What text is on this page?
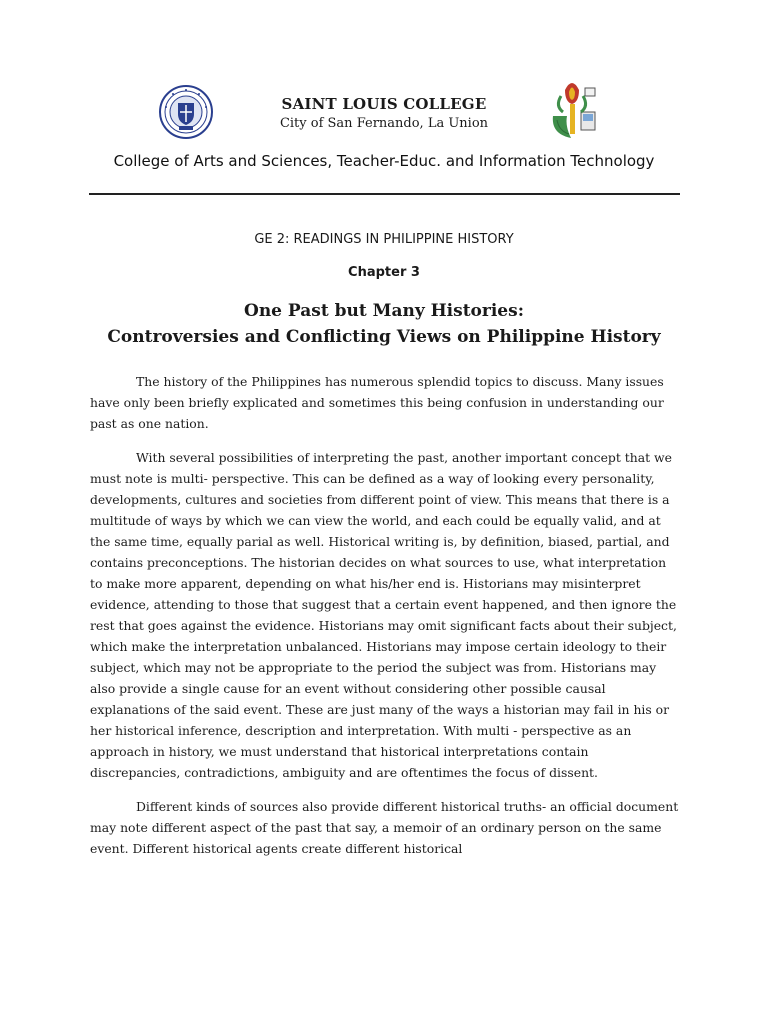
SAINT LOUIS COLLEGE
City of San Fernando, La Union
College of Arts and Sciences, Teacher-Educ. and Information Technology
GE 2: READINGS IN PHILIPPINE HISTORY
Chapter 3
One Past but Many Histories:
Controversies and Conflicting Views on Philippine History

The history of the Philippines has numerous splendid topics to discuss. Many issues have only been briefly explicated and sometimes this being confusion in understanding our past as one nation.

With several possibilities of interpreting the past, another important concept that we must note is multi- perspective. This can be defined as a way of looking every personality, developments, cultures and societies from different point of view. This means that there is a multitude of ways by which we can view the world, and each could be equally valid, and at the same time, equally parial as well. Historical writing is, by definition, biased, partial, and contains preconceptions. The historian decides on what sources to use, what interpretation to make more apparent, depending on what his/her end is. Historians may misinterpret evidence, attending to those that suggest that a certain event happened, and then ignore the rest that goes against the evidence. Historians may omit significant facts about their subject, which make the interpretation unbalanced. Historians may impose certain ideology to their subject, which may not be appropriate to the period the subject was from. Historians may also provide a single cause for an event without considering other possible causal explanations of the said event. These are just many of the ways a historian may fail in his or her historical inference, description and interpretation. With multi - perspective as an approach in history, we must understand that historical interpretations contain discrepancies, contradictions, ambiguity and are oftentimes the focus of dissent.

Different kinds of sources also provide different historical truths- an official document may note different aspect of the past that say, a memoir of an ordinary person on the same event. Different historical agents create different historical
